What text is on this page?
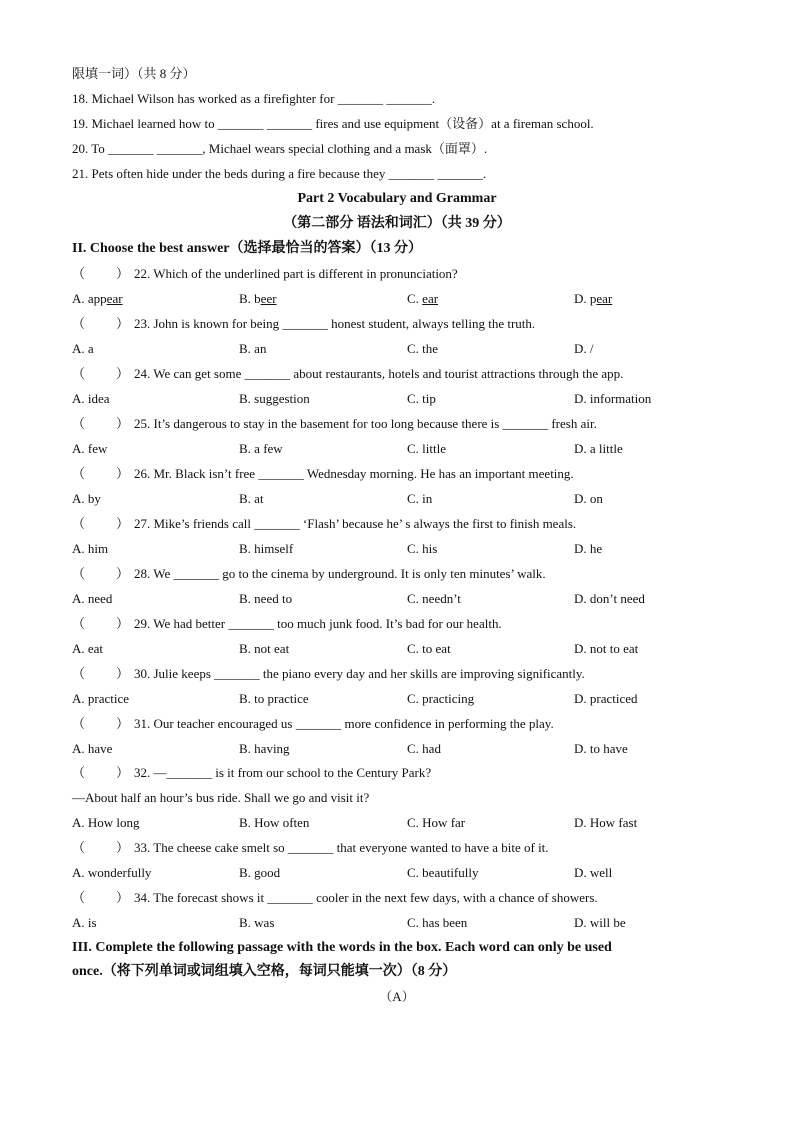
限填一词）（共 8 分）
18. Michael Wilson has worked as a firefighter for _______ _______.
19. Michael learned how to _______ _______ fires and use equipment（设备）at a fireman school.
20. To _______ _______, Michael wears special clothing and a mask（面罩）.
21. Pets often hide under the beds during a fire because they _______ _______.
Part 2 Vocabulary and Grammar
（第二部分 语法和词汇）（共 39 分）
II. Choose the best answer（选择最恰当的答案）（13 分）
（ ） 22. Which of the underlined part is different in pronunciation?
A. appear	B. beer	C. ear	D. pear
（ ） 23. John is known for being _______ honest student, always telling the truth.
A. a	B. an	C. the	D. /
（ ） 24. We can get some _______ about restaurants, hotels and tourist attractions through the app.
A. idea	B. suggestion	C. tip	D. information
（ ） 25. It’s dangerous to stay in the basement for too long because there is _______ fresh air.
A. few	B. a few	C. little	D. a little
（ ） 26. Mr. Black isn’t free _______ Wednesday morning. He has an important meeting.
A. by	B. at	C. in	D. on
（ ） 27. Mike’s friends call _______ ‘Flash’ because he’ s always the first to finish meals.
A. him	B. himself	C. his	D. he
（ ） 28. We _______ go to the cinema by underground. It is only ten minutes’ walk.
A. need	B. need to	C. needn’t	D. don’t need
（ ） 29. We had better _______ too much junk food. It’s bad for our health.
A. eat	B. not eat	C. to eat	D. not to eat
（ ） 30. Julie keeps _______ the piano every day and her skills are improving significantly.
A. practice	B. to practice	C. practicing	D. practiced
（ ） 31. Our teacher encouraged us _______ more confidence in performing the play.
A. have	B. having	C. had	D. to have
（ ） 32. —_______ is it from our school to the Century Park?
—About half an hour’s bus ride. Shall we go and visit it?
A. How long	B. How often	C. How far	D. How fast
（ ） 33. The cheese cake smelt so _______ that everyone wanted to have a bite of it.
A. wonderfully	B. good	C. beautifully	D. well
（ ） 34. The forecast shows it _______ cooler in the next few days, with a chance of showers.
A. is	B. was	C. has been	D. will be
III. Complete the following passage with the words in the box. Each word can only be used
once.（将下列单词或词组填入空格，每词只能填一次）（8 分）
（A）
